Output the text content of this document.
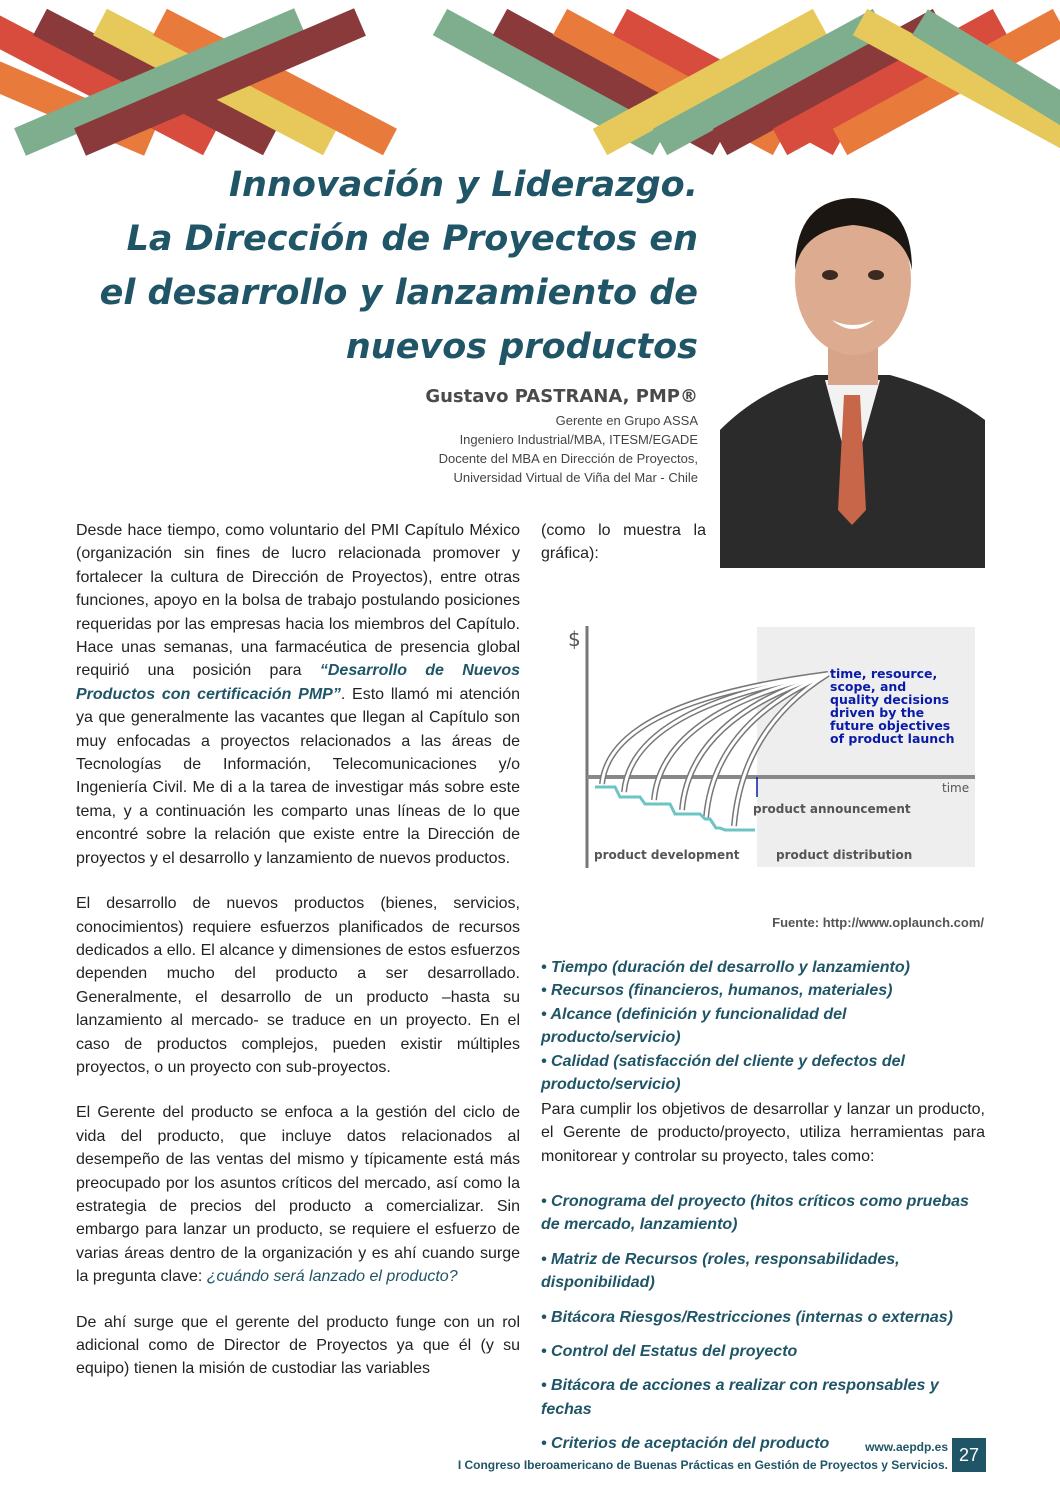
Innovación y Liderazgo.
La Dirección de Proyectos en
el desarrollo y lanzamiento de
nuevos productos
Gustavo PASTRANA, PMP®
Gerente en Grupo ASSA
Ingeniero Industrial/MBA, ITESM/EGADE
Docente del MBA en Dirección de Proyectos,
Universidad Virtual de Viña del Mar - Chile

Desde hace tiempo, como voluntario del PMI Capítulo México (organización sin fines de lucro relacionada promover y fortalecer la cultura de Dirección de Proyectos), entre otras funciones, apoyo en la bolsa de trabajo postulando posiciones requeridas por las empresas hacia los miembros del Capítulo. Hace unas semanas, una farmacéutica de presencia global requirió una posición para “Desarrollo de Nuevos Productos con certificación PMP”. Esto llamó mi atención ya que generalmente las vacantes que llegan al Capítulo son muy enfocadas a proyectos relacionados a las áreas de Tecnologías de Información, Telecomunicaciones y/o Ingeniería Civil. Me di a la tarea de investigar más sobre este tema, y a continuación les comparto unas líneas de lo que encontré sobre la relación que existe entre la Dirección de proyectos y el desarrollo y lanzamiento de nuevos productos.

El desarrollo de nuevos productos (bienes, servicios, conocimientos) requiere esfuerzos planificados de recursos dedicados a ello. El alcance y dimensiones de estos esfuerzos dependen mucho del producto a ser desarrollado. Generalmente, el desarrollo de un producto –hasta su lanzamiento al mercado- se traduce en un proyecto. En el caso de productos complejos, pueden existir múltiples proyectos, o un proyecto con sub-proyectos.

El Gerente del producto se enfoca a la gestión del ciclo de vida del producto, que incluye datos relacionados al desempeño de las ventas del mismo y típicamente está más preocupado por los asuntos críticos del mercado, así como la estrategia de precios del producto a comercializar. Sin embargo para lanzar un producto, se requiere el esfuerzo de varias áreas dentro de la organización y es ahí cuando surge la pregunta clave: ¿cuándo será lanzado el producto?

De ahí surge que el gerente del producto funge con un rol adicional como de Director de Proyectos ya que él (y su equipo) tienen la misión de custodiar las variables

(como lo muestra la gráfica):
$
time, resource,
scope, and
quality decisions
driven by the
future objectives
of product launch
time
product announcement
product development	product distribution
Fuente: http://www.oplaunch.com/
• Tiempo (duración del desarrollo y lanzamiento)
• Recursos (financieros, humanos, materiales)
• Alcance (definición y funcionalidad del producto/servicio)
• Calidad (satisfacción del cliente y defectos del producto/servicio)
Para cumplir los objetivos de desarrollar y lanzar un producto, el Gerente de producto/proyecto, utiliza herramientas para monitorear y controlar su proyecto, tales como:
• Cronograma del proyecto (hitos críticos como pruebas de mercado, lanzamiento)
• Matriz de Recursos (roles, responsabilidades, disponibilidad)
• Bitácora Riesgos/Restricciones (internas o externas)
• Control del Estatus del proyecto
• Bitácora de acciones a realizar con responsables y fechas
• Criterios de aceptación del producto	www.aepdp.es
I Congreso Iberoamericano de Buenas Prácticas en Gestión de Proyectos y Servicios. 27
